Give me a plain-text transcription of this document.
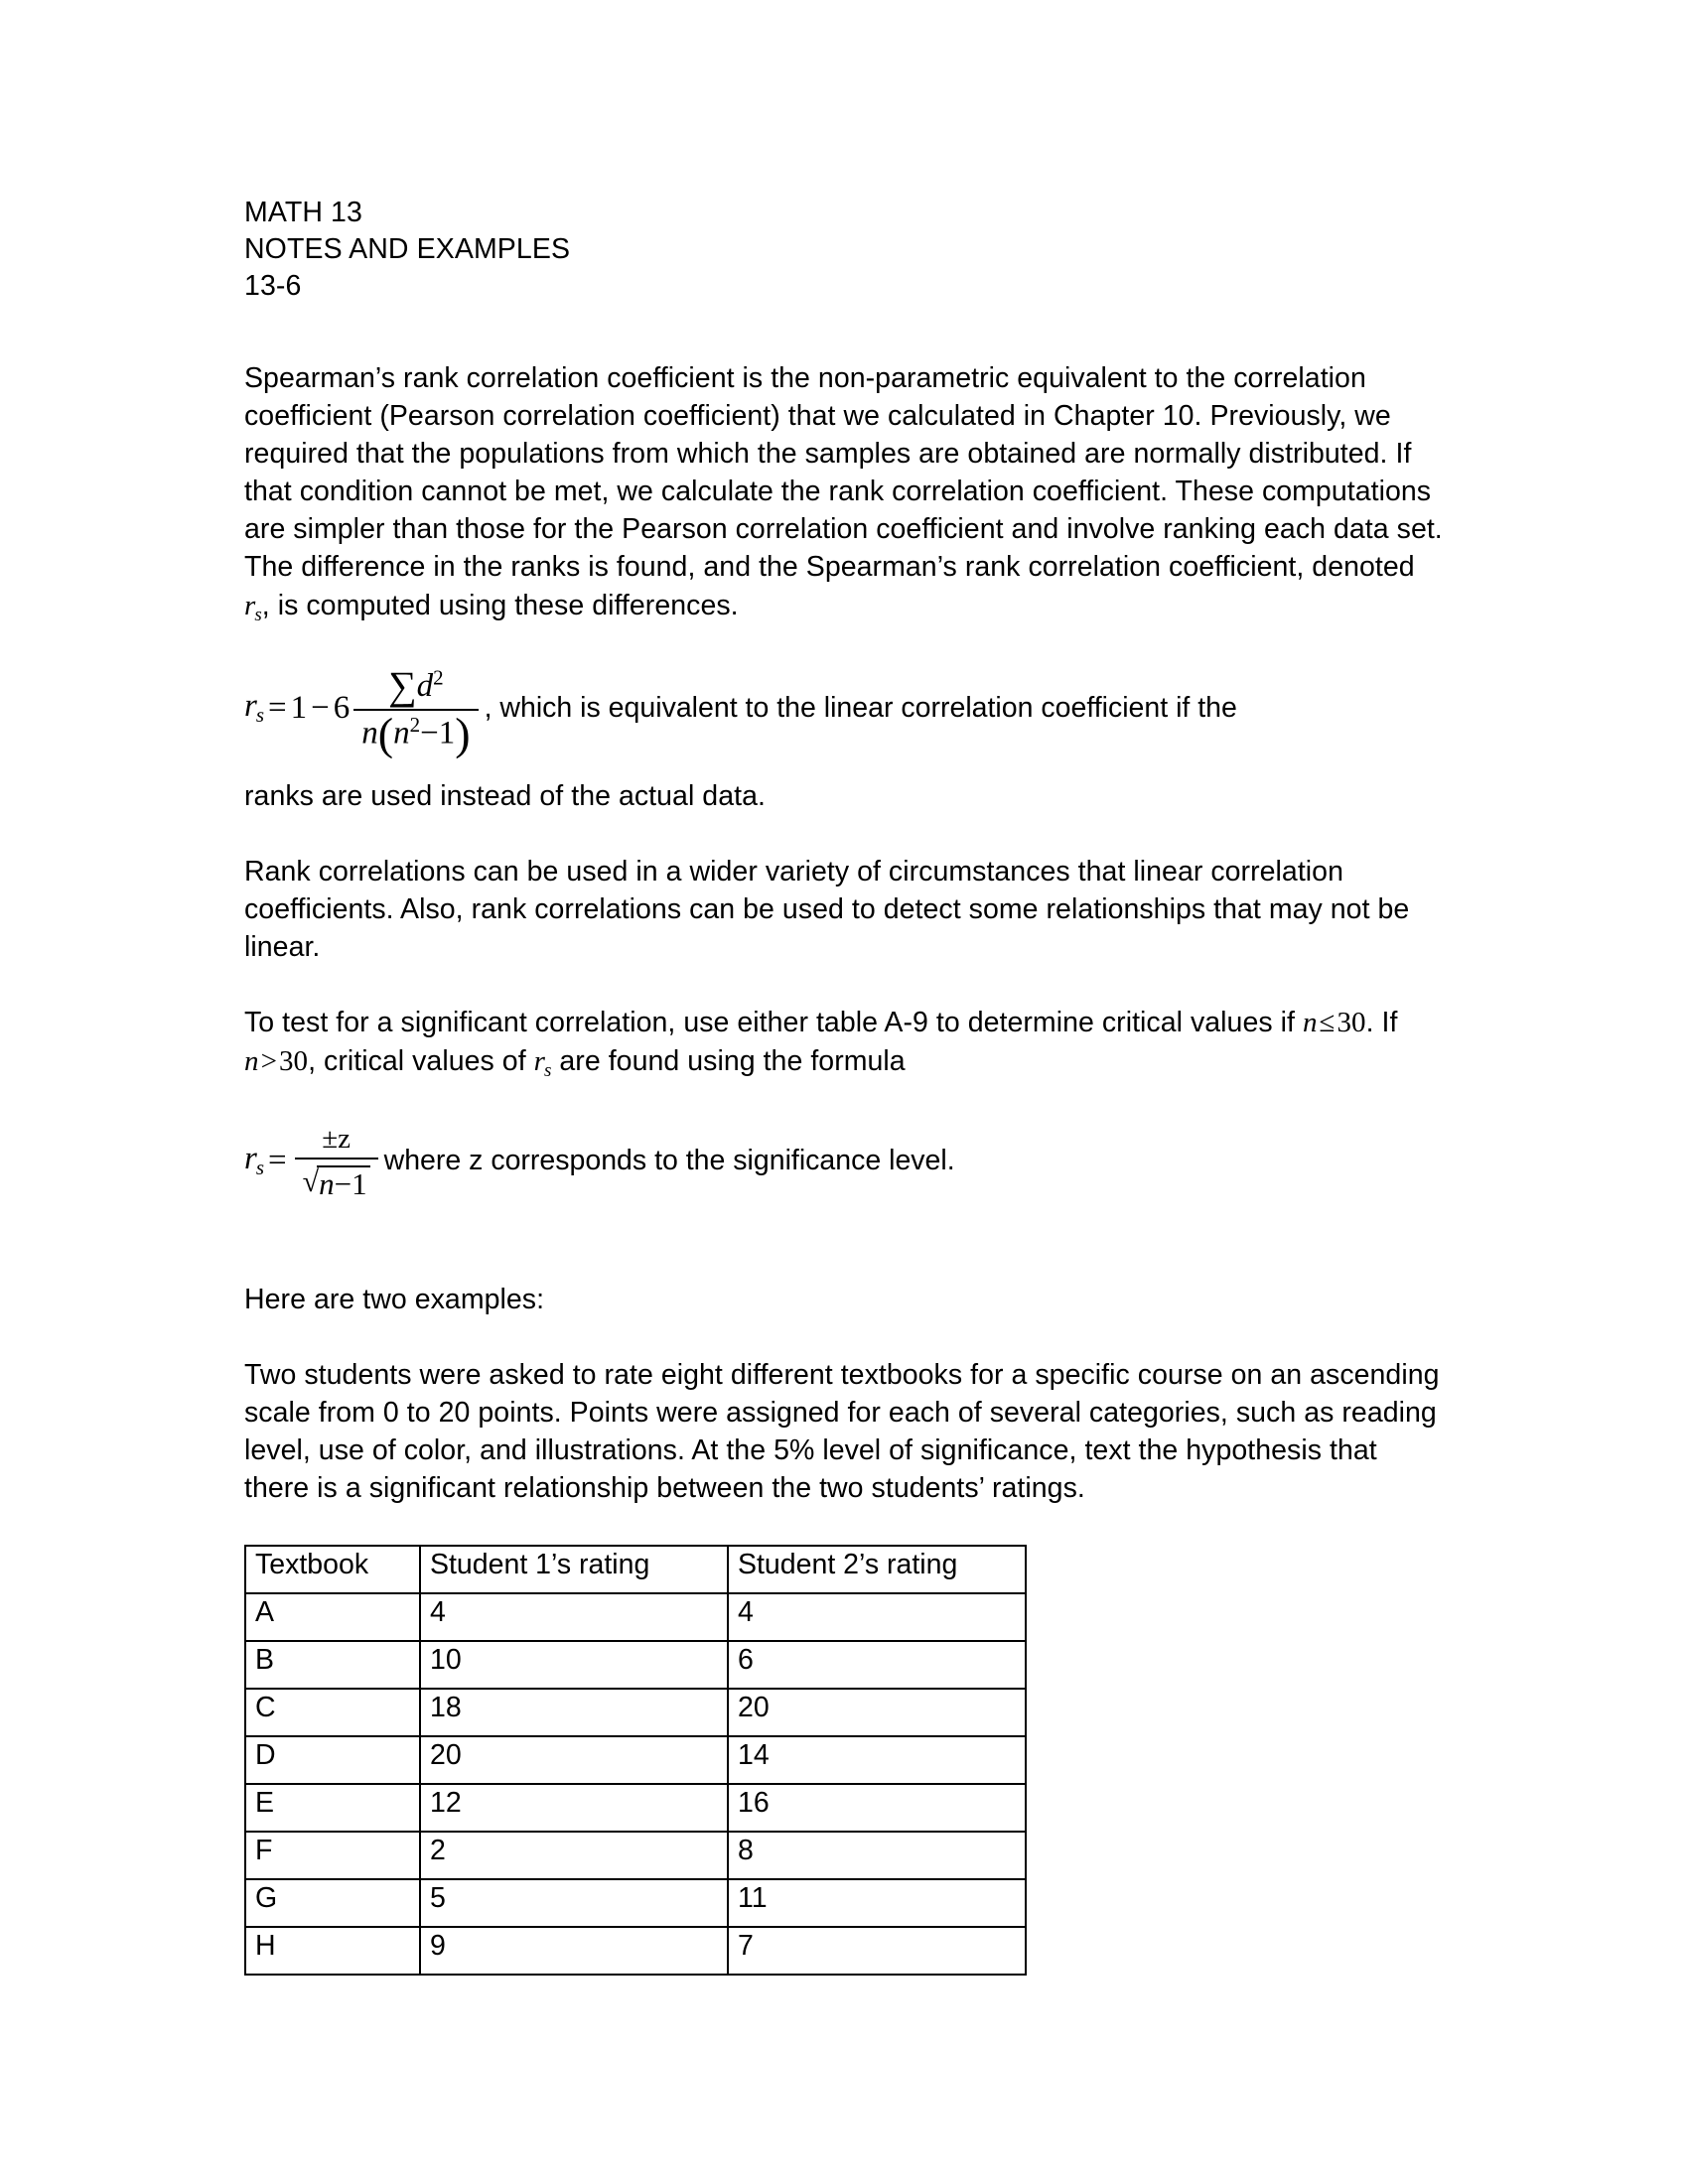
MATH 13
NOTES AND EXAMPLES
13-6

Spearman’s rank correlation coefficient is the non-parametric equivalent to the correlation coefficient (Pearson correlation coefficient) that we calculated in Chapter 10. Previously, we required that the populations from which the samples are obtained are normally distributed. If that condition cannot be met, we calculate the rank correlation coefficient. These computations are simpler than those for the Pearson correlation coefficient and involve ranking each data set. The difference in the ranks is found, and the Spearman’s rank correlation coefficient, denoted $r_s$, is computed using these differences.

$r_s = 1 - 6 \frac{\sum d^2}{n(n^2-1)}$ , which is equivalent to the linear correlation coefficient if the

ranks are used instead of the actual data.

Rank correlations can be used in a wider variety of circumstances that linear correlation coefficients. Also, rank correlations can be used to detect some relationships that may not be linear.

To test for a significant correlation, use either table A-9 to determine critical values if n≤30. If n>30, critical values of $r_s$ are found using the formula

$r_s = \frac{\pm z}{√ n-1}$ where z corresponds to the significance level.

Here are two examples:

Two students were asked to rate eight different textbooks for a specific course on an ascending scale from 0 to 20 points. Points were assigned for each of several categories, such as reading level, use of color, and illustrations. At the 5% level of significance, text the hypothesis that there is a significant relationship between the two students’ ratings.

Textbook	Student 1’s rating	Student 2’s rating
A	4	4
B	10	6
C	18	20
D	20	14
E	12	16
F	2	8
G	5	11
H	9	7
